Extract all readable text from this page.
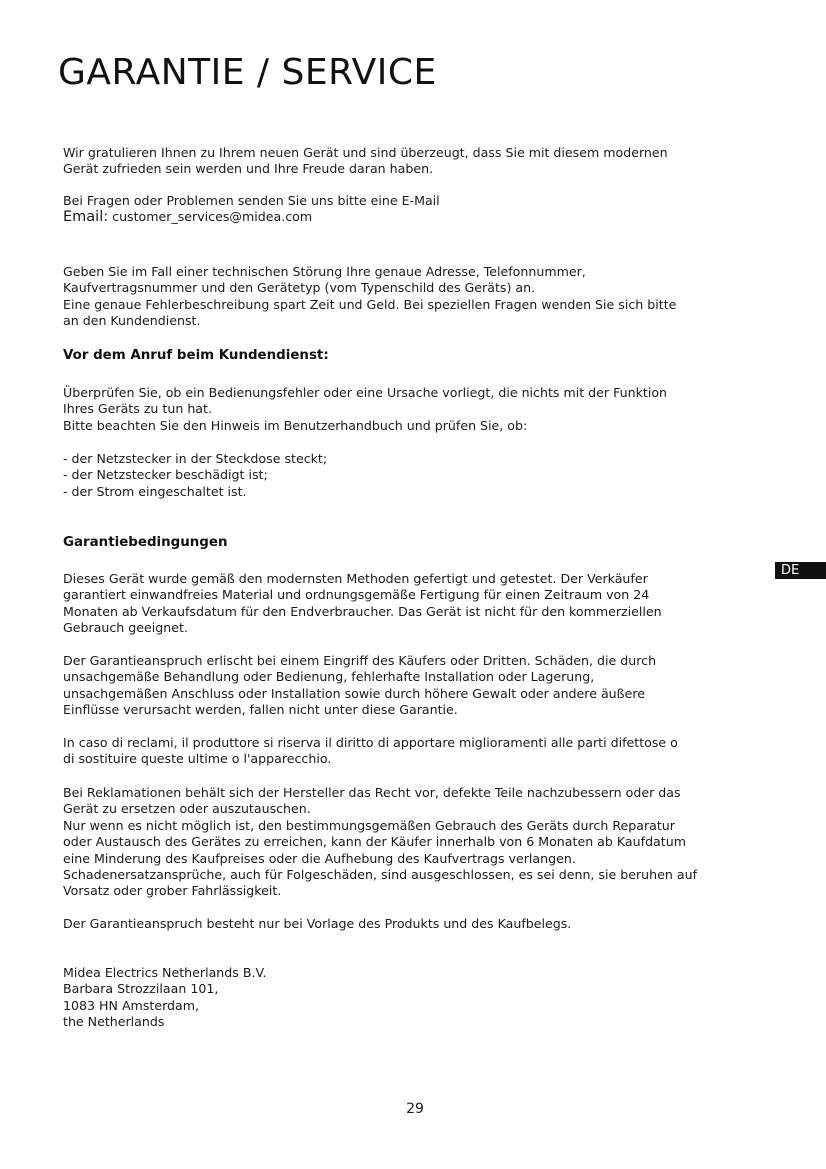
GARANTIE / SERVICE
Wir gratulieren Ihnen zu Ihrem neuen Gerät und sind überzeugt, dass Sie mit diesem modernen
Gerät zufrieden sein werden und Ihre Freude daran haben.
Bei Fragen oder Problemen senden Sie uns bitte eine E-Mail
Email: customer_services@midea.com
Geben Sie im Fall einer technischen Störung Ihre genaue Adresse, Telefonnummer,
Kaufvertragsnummer und den Gerätetyp (vom Typenschild des Geräts) an.
Eine genaue Fehlerbeschreibung spart Zeit und Geld. Bei speziellen Fragen wenden Sie sich bitte
an den Kundendienst.
Vor dem Anruf beim Kundendienst:
Überprüfen Sie, ob ein Bedienungsfehler oder eine Ursache vorliegt, die nichts mit der Funktion
Ihres Geräts zu tun hat.
Bitte beachten Sie den Hinweis im Benutzerhandbuch und prüfen Sie, ob:
- der Netzstecker in der Steckdose steckt;
- der Netzstecker beschädigt ist;
- der Strom eingeschaltet ist.
Garantiebedingungen
DE
Dieses Gerät wurde gemäß den modernsten Methoden gefertigt und getestet. Der Verkäufer
garantiert einwandfreies Material und ordnungsgemäße Fertigung für einen Zeitraum von 24
Monaten ab Verkaufsdatum für den Endverbraucher. Das Gerät ist nicht für den kommerziellen
Gebrauch geeignet.
Der Garantieanspruch erlischt bei einem Eingriff des Käufers oder Dritten. Schäden, die durch
unsachgemäße Behandlung oder Bedienung, fehlerhafte Installation oder Lagerung,
unsachgemäßen Anschluss oder Installation sowie durch höhere Gewalt oder andere äußere
Einflüsse verursacht werden, fallen nicht unter diese Garantie.
In caso di reclami, il produttore si riserva il diritto di apportare miglioramenti alle parti difettose o
di sostituire queste ultime o l'apparecchio.
Bei Reklamationen behält sich der Hersteller das Recht vor, defekte Teile nachzubessern oder das
Gerät zu ersetzen oder auszutauschen.
Nur wenn es nicht möglich ist, den bestimmungsgemäßen Gebrauch des Geräts durch Reparatur
oder Austausch des Gerätes zu erreichen, kann der Käufer innerhalb von 6 Monaten ab Kaufdatum
eine Minderung des Kaufpreises oder die Aufhebung des Kaufvertrags verlangen.
Schadenersatzansprüche, auch für Folgeschäden, sind ausgeschlossen, es sei denn, sie beruhen auf
Vorsatz oder grober Fahrlässigkeit.
Der Garantieanspruch besteht nur bei Vorlage des Produkts und des Kaufbelegs.
Midea Electrics Netherlands B.V.
Barbara Strozzilaan 101,
1083 HN Amsterdam,
the Netherlands
29
